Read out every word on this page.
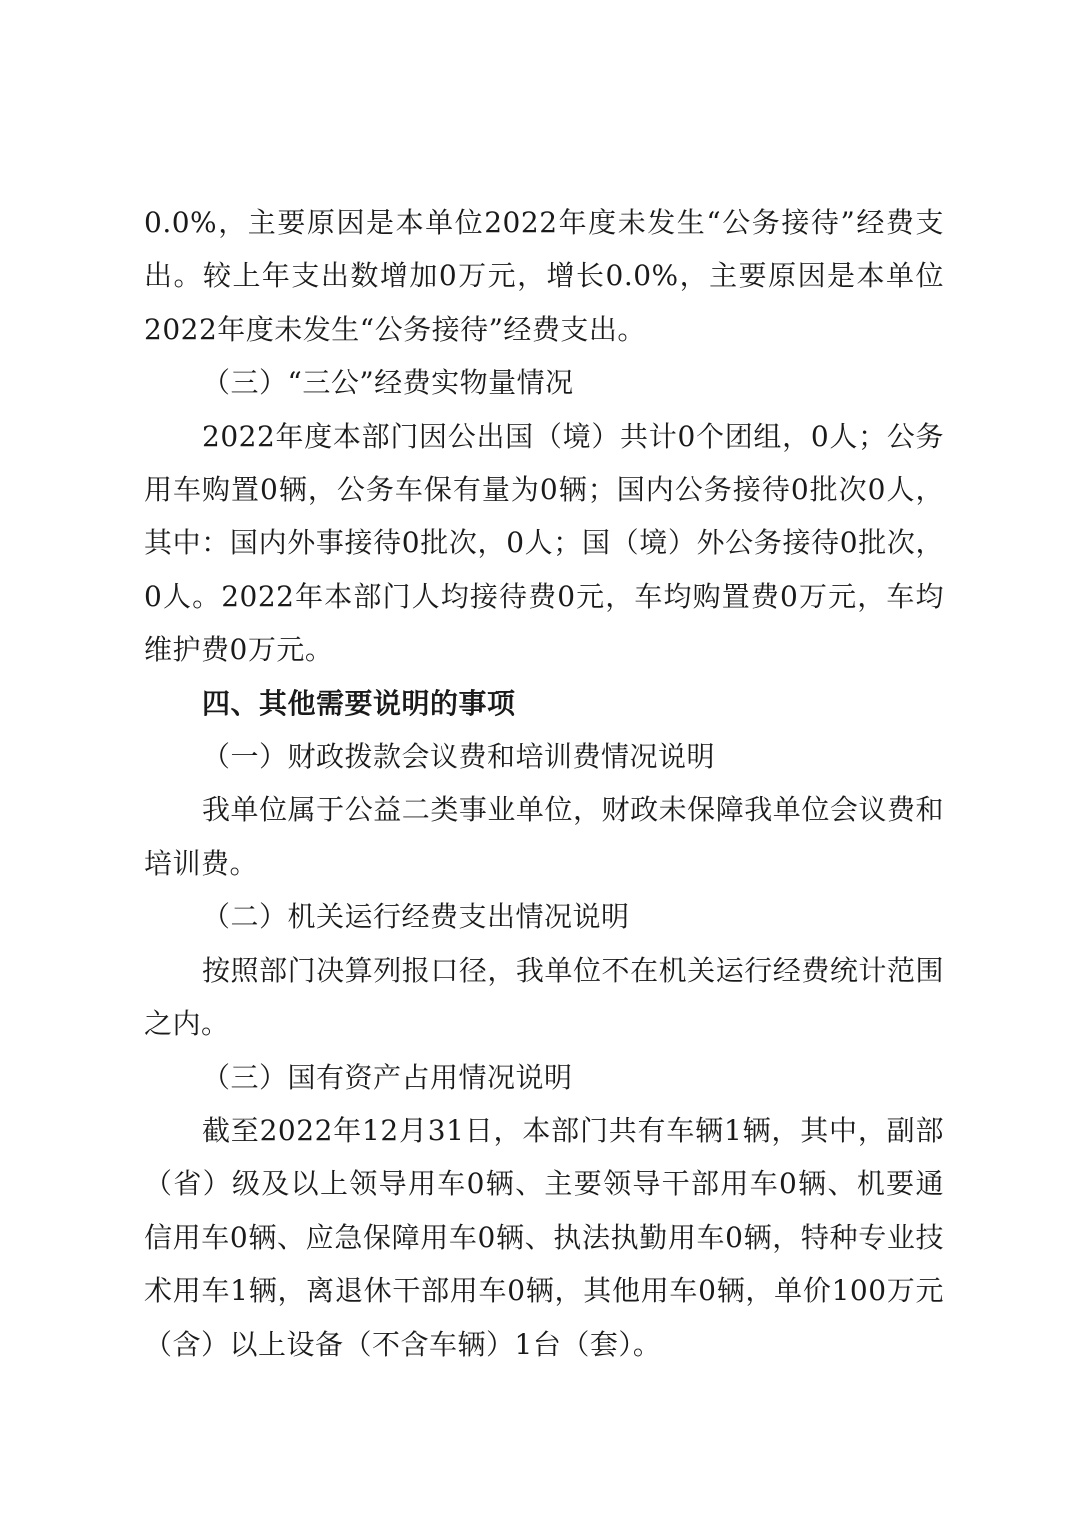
0.0%，主要原因是本单位2022年度未发生“公务接待”经费支出。较上年支出数增加0万元，增长0.0%，主要原因是本单位2022年度未发生“公务接待”经费支出。

（三）“三公”经费实物量情况

2022年度本部门因公出国（境）共计0个团组，0人；公务用车购置0辆，公务车保有量为0辆；国内公务接待0批次0人，其中：国内外事接待0批次，0人；国（境）外公务接待0批次，0人。2022年本部门人均接待费0元，车均购置费0万元，车均维护费0万元。

四、其他需要说明的事项

（一）财政拨款会议费和培训费情况说明

我单位属于公益二类事业单位，财政未保障我单位会议费和培训费。

（二）机关运行经费支出情况说明

按照部门决算列报口径，我单位不在机关运行经费统计范围之内。

（三）国有资产占用情况说明

截至2022年12月31日，本部门共有车辆1辆，其中，副部（省）级及以上领导用车0辆、主要领导干部用车0辆、机要通信用车0辆、应急保障用车0辆、执法执勤用车0辆，特种专业技术用车1辆，离退休干部用车0辆，其他用车0辆，单价100万元（含）以上设备（不含车辆）1台（套）。
